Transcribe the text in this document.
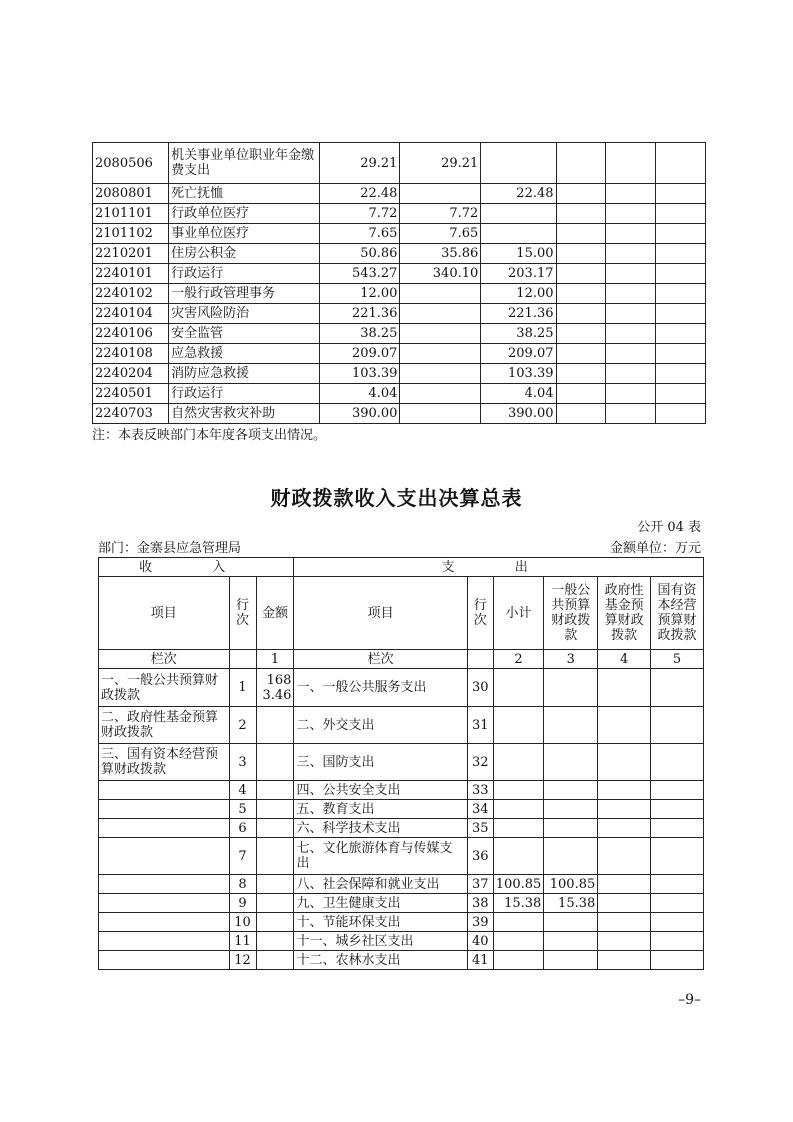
2080506	机关事业单位职业年金缴费支出	29.21	29.21				
2080801	死亡抚恤	22.48		22.48			
2101101	行政单位医疗	7.72	7.72				
2101102	事业单位医疗	7.65	7.65				
2210201	住房公积金	50.86	35.86	15.00			
2240101	行政运行	543.27	340.10	203.17			
2240102	一般行政管理事务	12.00		12.00			
2240104	灾害风险防治	221.36		221.36			
2240106	安全监管	38.25		38.25			
2240108	应急救援	209.07		209.07			
2240204	消防应急救援	103.39		103.39			
2240501	行政运行	4.04		4.04			
2240703	自然灾害救灾补助	390.00		390.00			
注：本表反映部门本年度各项支出情况。
财政拨款收入支出决算总表
公开 04 表
部门：金寨县应急管理局	金额单位：万元
收 入			支 出					
项目	行次	金额	项目	行次	小计	一般公共预算财政拨款	政府性基金预算财政拨款	国有资本经营预算财政拨款
栏次		1	栏次		2	3	4	5
一、一般公共预算财政拨款	1	1683.46	一、一般公共服务支出	30				
二、政府性基金预算财政拨款	2		二、外交支出	31				
三、国有资本经营预算财政拨款	3		三、国防支出	32				
	4		四、公共安全支出	33				
	5		五、教育支出	34				
	6		六、科学技术支出	35				
	7		七、文化旅游体育与传媒支出	36				
	8		八、社会保障和就业支出	37	100.85	100.85		
	9		九、卫生健康支出	38	15.38	15.38		
	10		十、节能环保支出	39				
	11		十一、城乡社区支出	40				
	12		十二、农林水支出	41				
–9–
